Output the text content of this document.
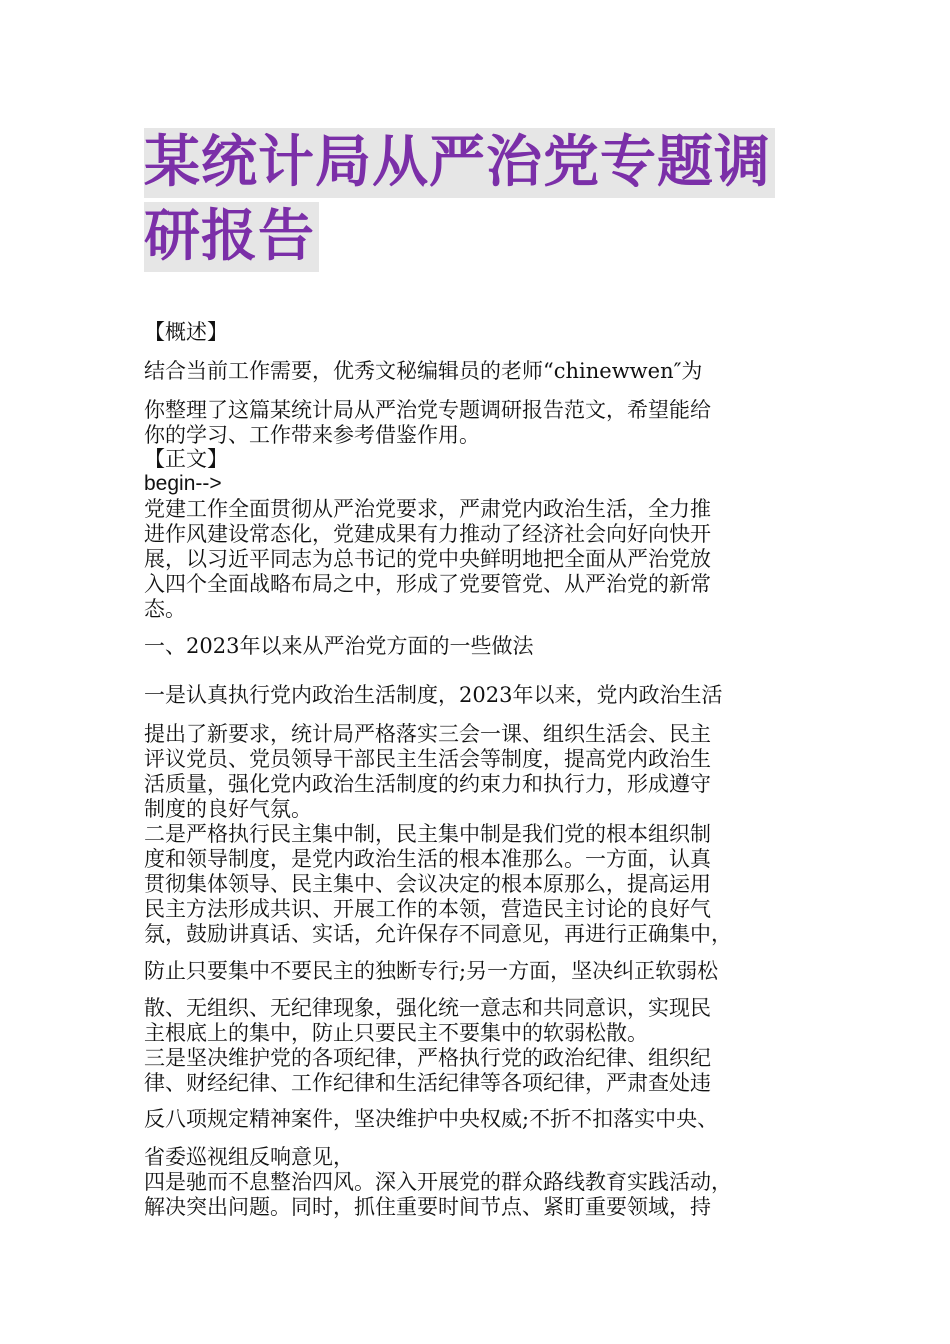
某统计局从严治党专题调
研报告
【概述】
结合当前工作需要，优秀文秘编辑员的老师“chinewwen″为
你整理了这篇某统计局从严治党专题调研报告范文，希望能给
你的学习、工作带来参考借鉴作用。
【正文】
begin-->
党建工作全面贯彻从严治党要求，严肃党内政治生活，全力推
进作风建设常态化，党建成果有力推动了经济社会向好向快开
展，以习近平同志为总书记的党中央鲜明地把全面从严治党放
入四个全面战略布局之中，形成了党要管党、从严治党的新常
态。
一、2023年以来从严治党方面的一些做法
一是认真执行党内政治生活制度，2023年以来，党内政治生活
提出了新要求，统计局严格落实三会一课、组织生活会、民主
评议党员、党员领导干部民主生活会等制度，提高党内政治生
活质量，强化党内政治生活制度的约束力和执行力，形成遵守
制度的良好气氛。
二是严格执行民主集中制，民主集中制是我们党的根本组织制
度和领导制度，是党内政治生活的根本准那么。一方面，认真
贯彻集体领导、民主集中、会议决定的根本原那么，提高运用
民主方法形成共识、开展工作的本领，营造民主讨论的良好气
氛，鼓励讲真话、实话，允许保存不同意见，再进行正确集中，
防止只要集中不要民主的独断专行;另一方面，坚决纠正软弱松
散、无组织、无纪律现象，强化统一意志和共同意识，实现民
主根底上的集中，防止只要民主不要集中的软弱松散。
三是坚决维护党的各项纪律，严格执行党的政治纪律、组织纪
律、财经纪律、工作纪律和生活纪律等各项纪律，严肃查处违
反八项规定精神案件，坚决维护中央权威;不折不扣落实中央、
省委巡视组反响意见，
四是驰而不息整治四风。深入开展党的群众路线教育实践活动，
解决突出问题。同时，抓住重要时间节点、紧盯重要领域，持
